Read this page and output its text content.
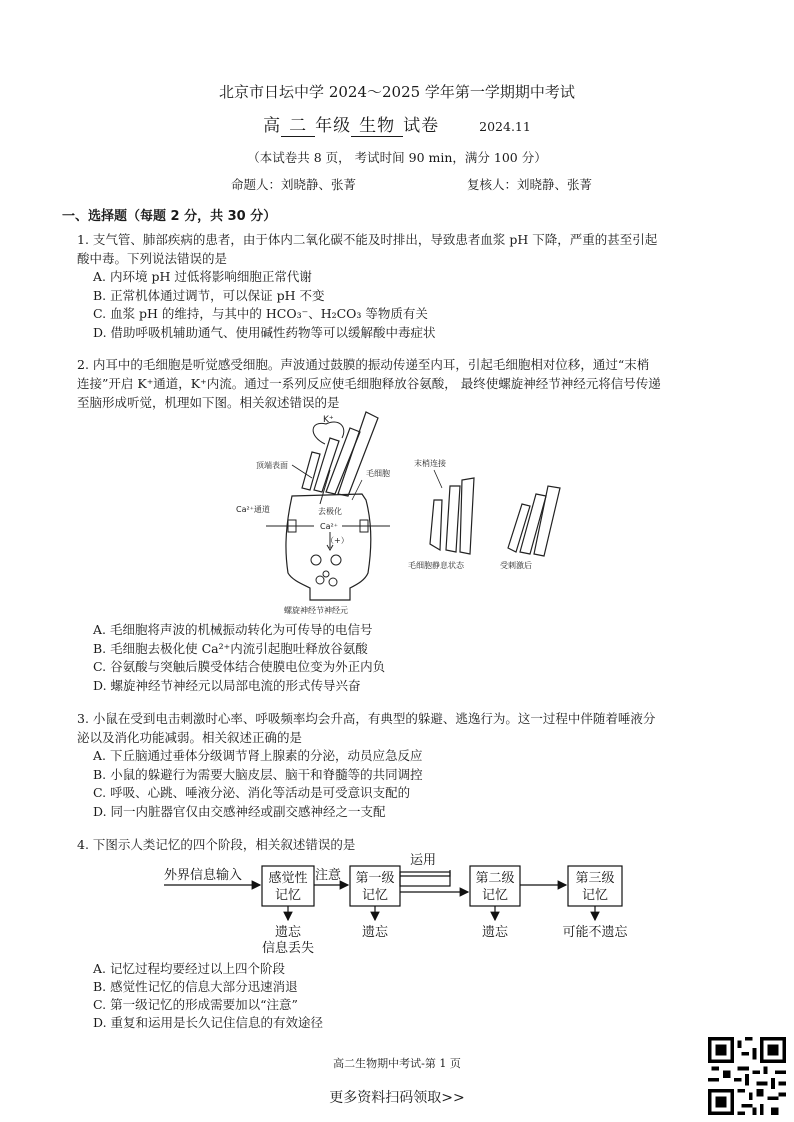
北京市日坛中学 2024～2025 学年第一学期期中考试
高 二 年级 生物 试卷	2024.11
（本试卷共 8 页， 考试时间 90 min，满分 100 分）
命题人：刘晓静、张菁	复核人：刘晓静、张菁
一、选择题（每题 2 分，共 30 分）
1. 支气管、肺部疾病的患者，由于体内二氧化碳不能及时排出，导致患者血浆 pH 下降，严重的甚至引起
酸中毒。下列说法错误的是
A. 内环境 pH 过低将影响细胞正常代谢
B. 正常机体通过调节，可以保证 pH 不变
C. 血浆 pH 的维持，与其中的 HCO₃⁻、H₂CO₃ 等物质有关
D. 借助呼吸机辅助通气、使用碱性药物等可以缓解酸中毒症状
2. 内耳中的毛细胞是听觉感受细胞。声波通过鼓膜的振动传递至内耳，引起毛细胞相对位移，通过“末梢
连接”开启 K⁺通道，K⁺内流。通过一系列反应使毛细胞释放谷氨酸， 最终使螺旋神经节神经元将信号传递
至脑形成听觉，机理如下图。相关叙述错误的是
K⁺
顶端表面
毛细胞
Ca²⁺通道	去极化
Ca²⁺
（+）
螺旋神经节神经元
末梢连接
毛细胞静息状态	受刺激后
A. 毛细胞将声波的机械振动转化为可传导的电信号
B. 毛细胞去极化使 Ca²⁺内流引起胞吐释放谷氨酸
C. 谷氨酸与突触后膜受体结合使膜电位变为外正内负
D. 螺旋神经节神经元以局部电流的形式传导兴奋
3. 小鼠在受到电击刺激时心率、呼吸频率均会升高，有典型的躲避、逃逸行为。这一过程中伴随着唾液分
泌以及消化功能减弱。相关叙述正确的是
A. 下丘脑通过垂体分级调节肾上腺素的分泌，动员应急反应
B. 小鼠的躲避行为需要大脑皮层、脑干和脊髓等的共同调控
C. 呼吸、心跳、唾液分泌、消化等活动是可受意识支配的
D. 同一内脏器官仅由交感神经或副交感神经之一支配
4. 下图示人类记忆的四个阶段，相关叙述错误的是
外界信息输入 感觉性
记忆
注意 第一级
记忆
运用
第二级
记忆
第三级
记忆
遗忘
信息丢失
遗忘	遗忘	可能不遗忘
A. 记忆过程均要经过以上四个阶段
B. 感觉性记忆的信息大部分迅速消退
C. 第一级记忆的形成需要加以“注意”
D. 重复和运用是长久记住信息的有效途径
高二生物期中考试-第 1 页
更多资料扫码领取>>
